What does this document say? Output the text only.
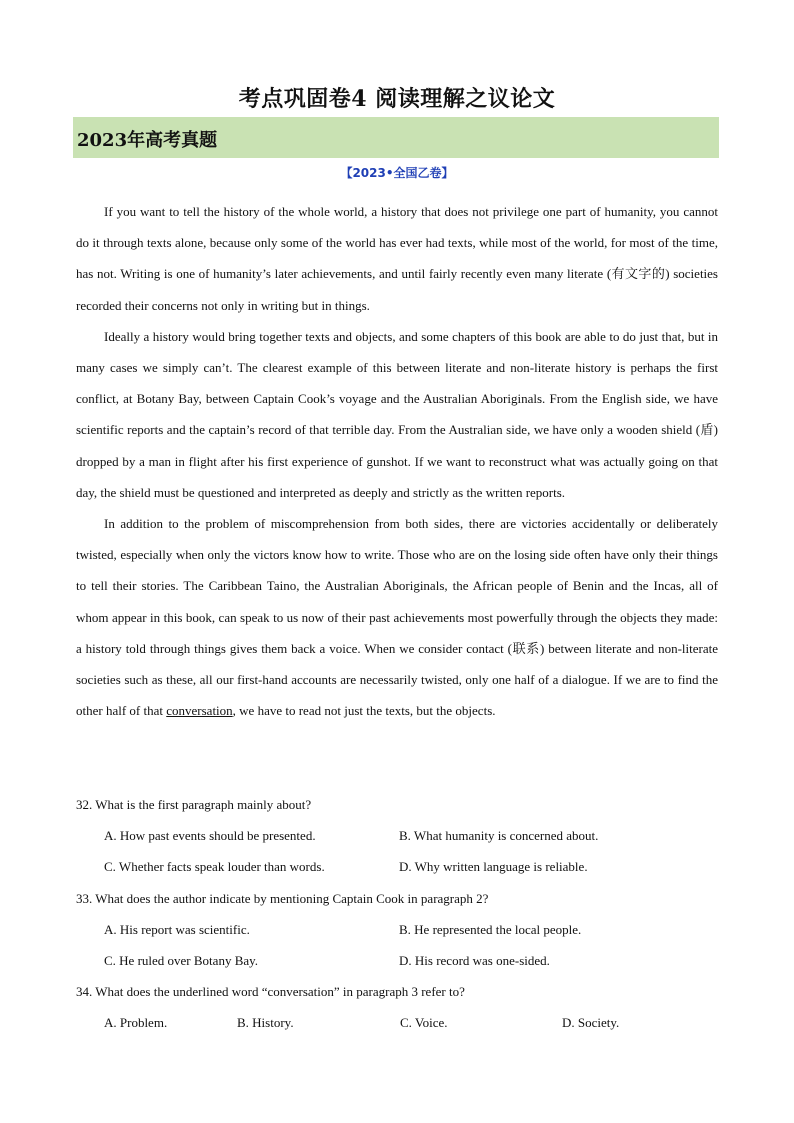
考点巩固卷4 阅读理解之议论文
2023年高考真题
【2023•全国乙卷】

If you want to tell the history of the whole world, a history that does not privilege one part of humanity, you cannot do it through texts alone, because only some of the world has ever had texts, while most of the world, for most of the time, has not. Writing is one of humanity’s later achievements, and until fairly recently even many literate (有文字的) societies recorded their concerns not only in writing but in things.

Ideally a history would bring together texts and objects, and some chapters of this book are able to do just that, but in many cases we simply can’t. The clearest example of this between literate and non-literate history is perhaps the first conflict, at Botany Bay, between Captain Cook’s voyage and the Australian Aboriginals. From the English side, we have scientific reports and the captain’s record of that terrible day. From the Australian side, we have only a wooden shield (盾) dropped by a man in flight after his first experience of gunshot. If we want to reconstruct what was actually going on that day, the shield must be questioned and interpreted as deeply and strictly as the written reports.

In addition to the problem of miscomprehension from both sides, there are victories accidentally or deliberately twisted, especially when only the victors know how to write. Those who are on the losing side often have only their things to tell their stories. The Caribbean Taino, the Australian Aboriginals, the African people of Benin and the Incas, all of whom appear in this book, can speak to us now of their past achievements most powerfully through the objects they made: a history told through things gives them back a voice. When we consider contact (联系) between literate and non-literate societies such as these, all our first-hand accounts are necessarily twisted, only one half of a dialogue. If we are to find the other half of that conversation, we have to read not just the texts, but the objects.

32. What is the first paragraph mainly about?
A. How past events should be presented.	B. What humanity is concerned about.
C. Whether facts speak louder than words.	D. Why written language is reliable.
33. What does the author indicate by mentioning Captain Cook in paragraph 2?
A. His report was scientific.	B. He represented the local people.
C. He ruled over Botany Bay.	D. His record was one-sided.
34. What does the underlined word “conversation” in paragraph 3 refer to?
A. Problem.	B. History.	C. Voice.	D. Society.
